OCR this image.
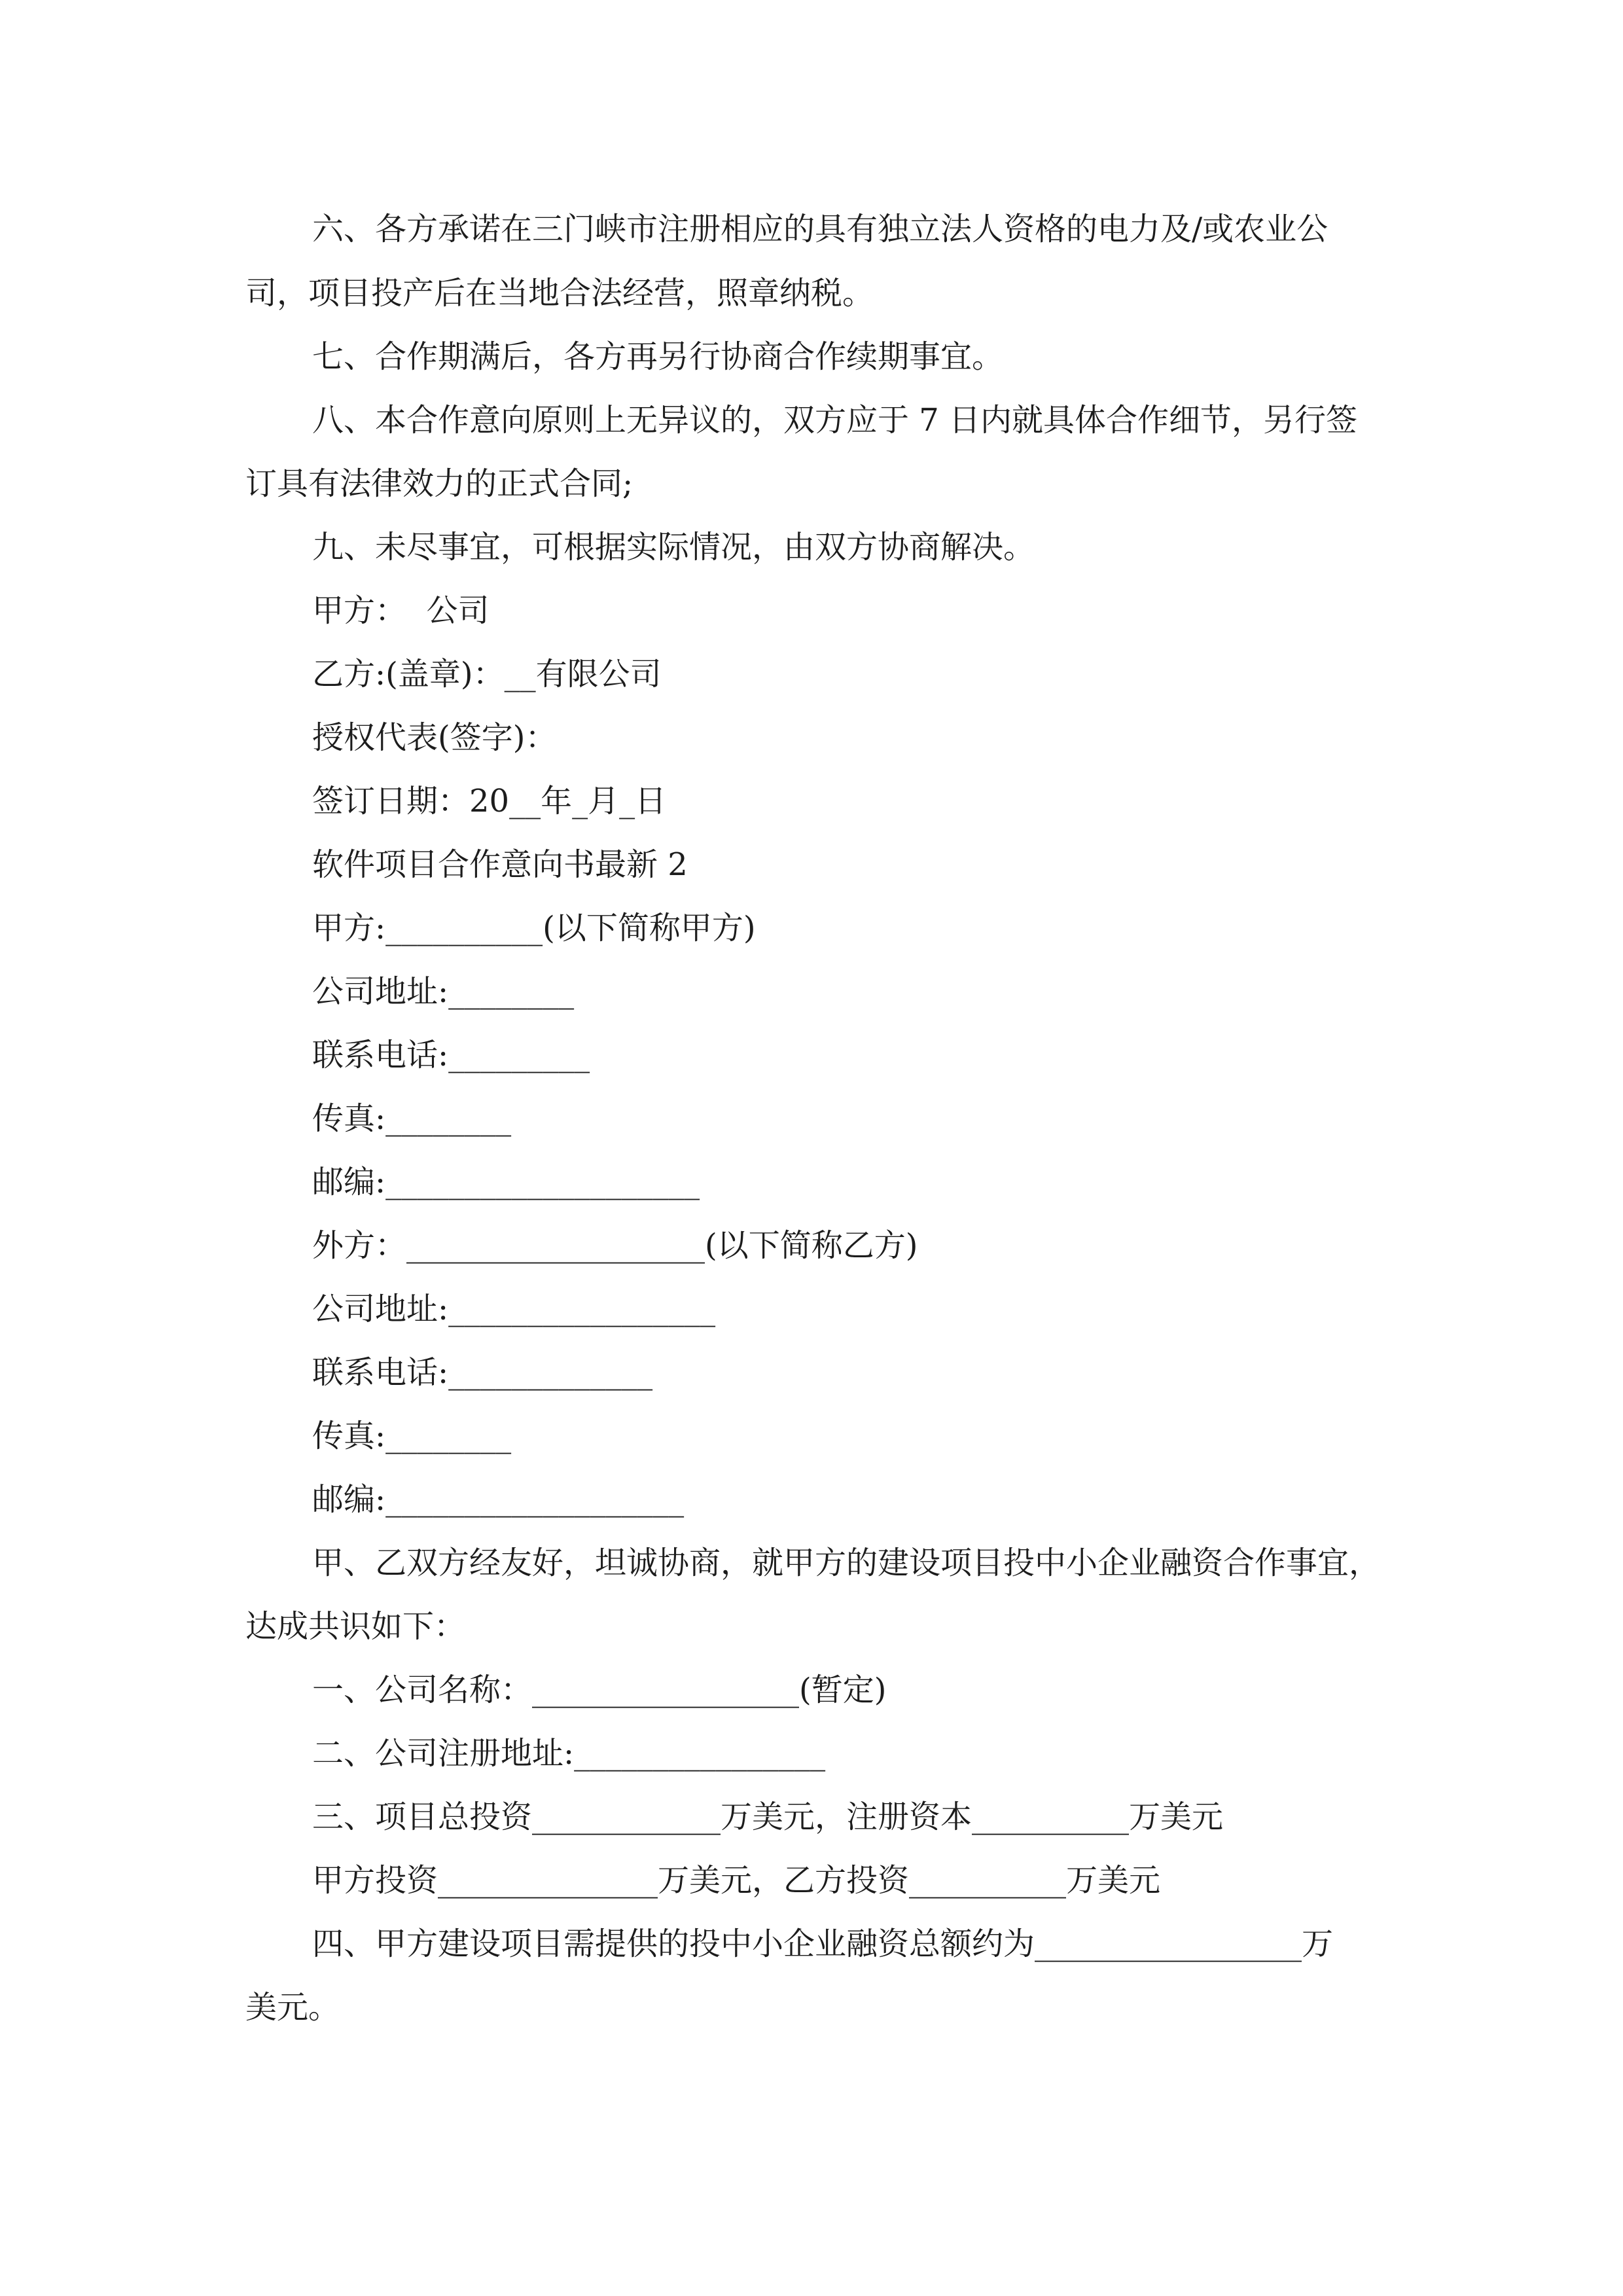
六、各方承诺在三门峡市注册相应的具有独立法人资格的电力及/或农业公
司，项目投产后在当地合法经营，照章纳税。
七、合作期满后，各方再另行协商合作续期事宜。
八、本合作意向原则上无异议的，双方应于 7 日内就具体合作细节，另行签
订具有法律效力的正式合同;
九、未尽事宜，可根据实际情况，由双方协商解决。
甲方：  公司
乙方:(盖章)：__有限公司
授权代表(签字)：
签订日期：20__年_月_日
软件项目合作意向书最新 2
甲方:__________(以下简称甲方)
公司地址:________
联系电话:_________
传真:________
邮编:____________________
外方：___________________(以下简称乙方)
公司地址:_________________
联系电话:_____________
传真:________
邮编:___________________
甲、乙双方经友好，坦诚协商，就甲方的建设项目投中小企业融资合作事宜，
达成共识如下：
一、公司名称：_________________(暂定)
二、公司注册地址:________________
三、项目总投资____________万美元，注册资本__________万美元
甲方投资______________万美元，乙方投资__________万美元
四、甲方建设项目需提供的投中小企业融资总额约为_________________万
美元。
